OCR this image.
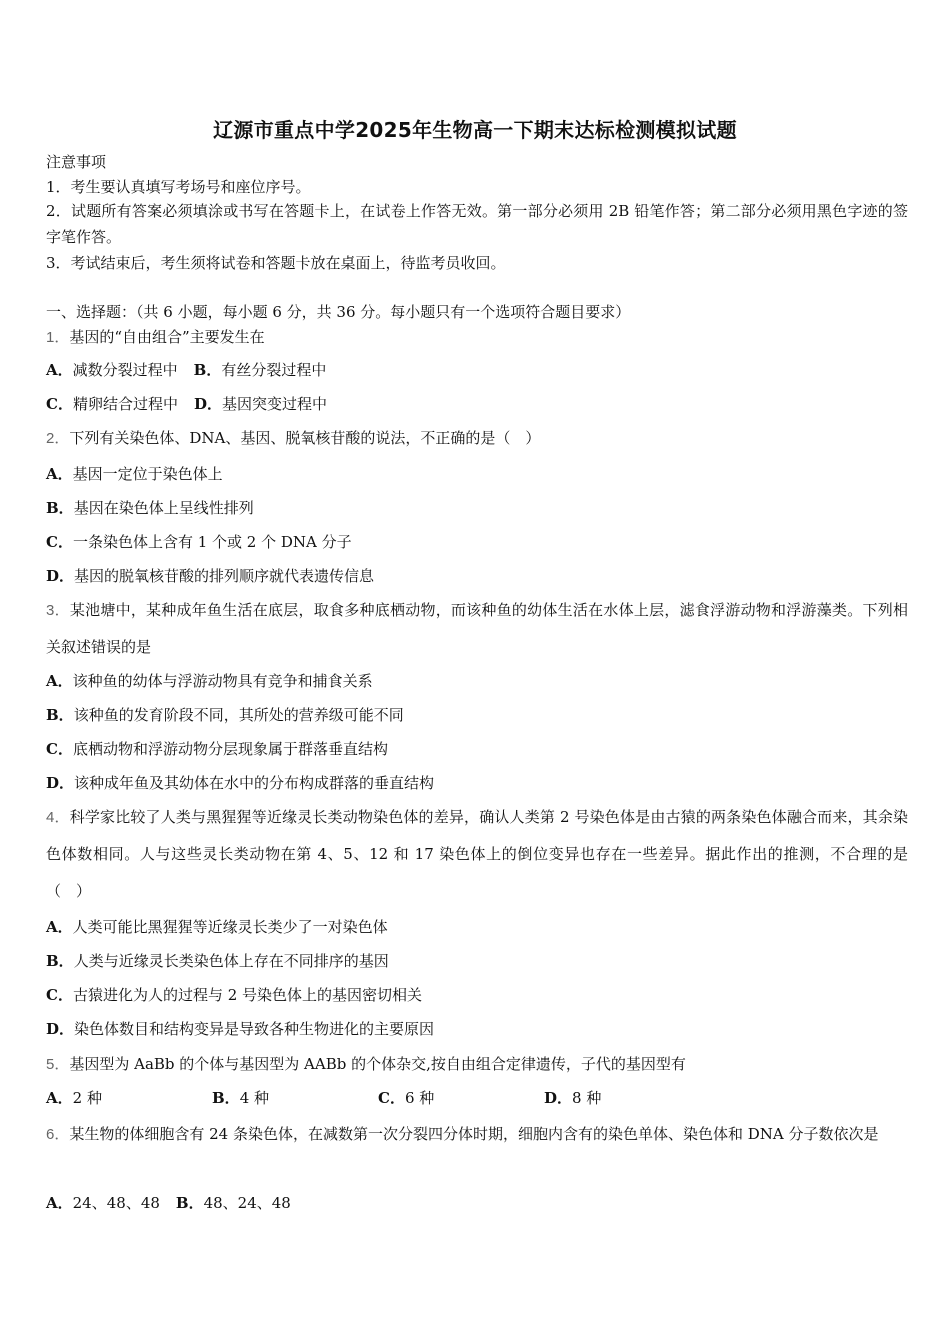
辽源市重点中学2025年生物高一下期末达标检测模拟试题
注意事项
1．考生要认真填写考场号和座位序号。
2．试题所有答案必须填涂或书写在答题卡上，在试卷上作答无效。第一部分必须用 2B 铅笔作答；第二部分必须用黑色字迹的签字笔作答。
3．考试结束后，考生须将试卷和答题卡放在桌面上，待监考员收回。
一、选择题：（共 6 小题，每小题 6 分，共 36 分。每小题只有一个选项符合题目要求）
1．基因的“自由组合”主要发生在
A．减数分裂过程中 B．有丝分裂过程中
C．精卵结合过程中 D．基因突变过程中
2．下列有关染色体、DNA、基因、脱氧核苷酸的说法，不正确的是（　）
A．基因一定位于染色体上
B．基因在染色体上呈线性排列
C．一条染色体上含有 1 个或 2 个 DNA 分子
D．基因的脱氧核苷酸的排列顺序就代表遗传信息
3．某池塘中，某种成年鱼生活在底层，取食多种底栖动物，而该种鱼的幼体生活在水体上层，滤食浮游动物和浮游藻类。下列相关叙述错误的是
A．该种鱼的幼体与浮游动物具有竞争和捕食关系
B．该种鱼的发育阶段不同，其所处的营养级可能不同
C．底栖动物和浮游动物分层现象属于群落垂直结构
D．该种成年鱼及其幼体在水中的分布构成群落的垂直结构
4．科学家比较了人类与黑猩猩等近缘灵长类动物染色体的差异，确认人类第 2 号染色体是由古猿的两条染色体融合而来，其余染色体数相同。人与这些灵长类动物在第 4、5、12 和 17 染色体上的倒位变异也存在一些差异。据此作出的推测，不合理的是（　）
A．人类可能比黑猩猩等近缘灵长类少了一对染色体
B．人类与近缘灵长类染色体上存在不同排序的基因
C．古猿进化为人的过程与 2 号染色体上的基因密切相关
D．染色体数目和结构变异是导致各种生物进化的主要原因
5．基因型为 AaBb 的个体与基因型为 AABb 的个体杂交,按自由组合定律遗传，子代的基因型有
A．2 种	B．4 种	C．6 种	D．8 种
6．某生物的体细胞含有 24 条染色体，在减数第一次分裂四分体时期，细胞内含有的染色单体、染色体和 DNA 分子数依次是
A．24、48、48 B．48、24、48
